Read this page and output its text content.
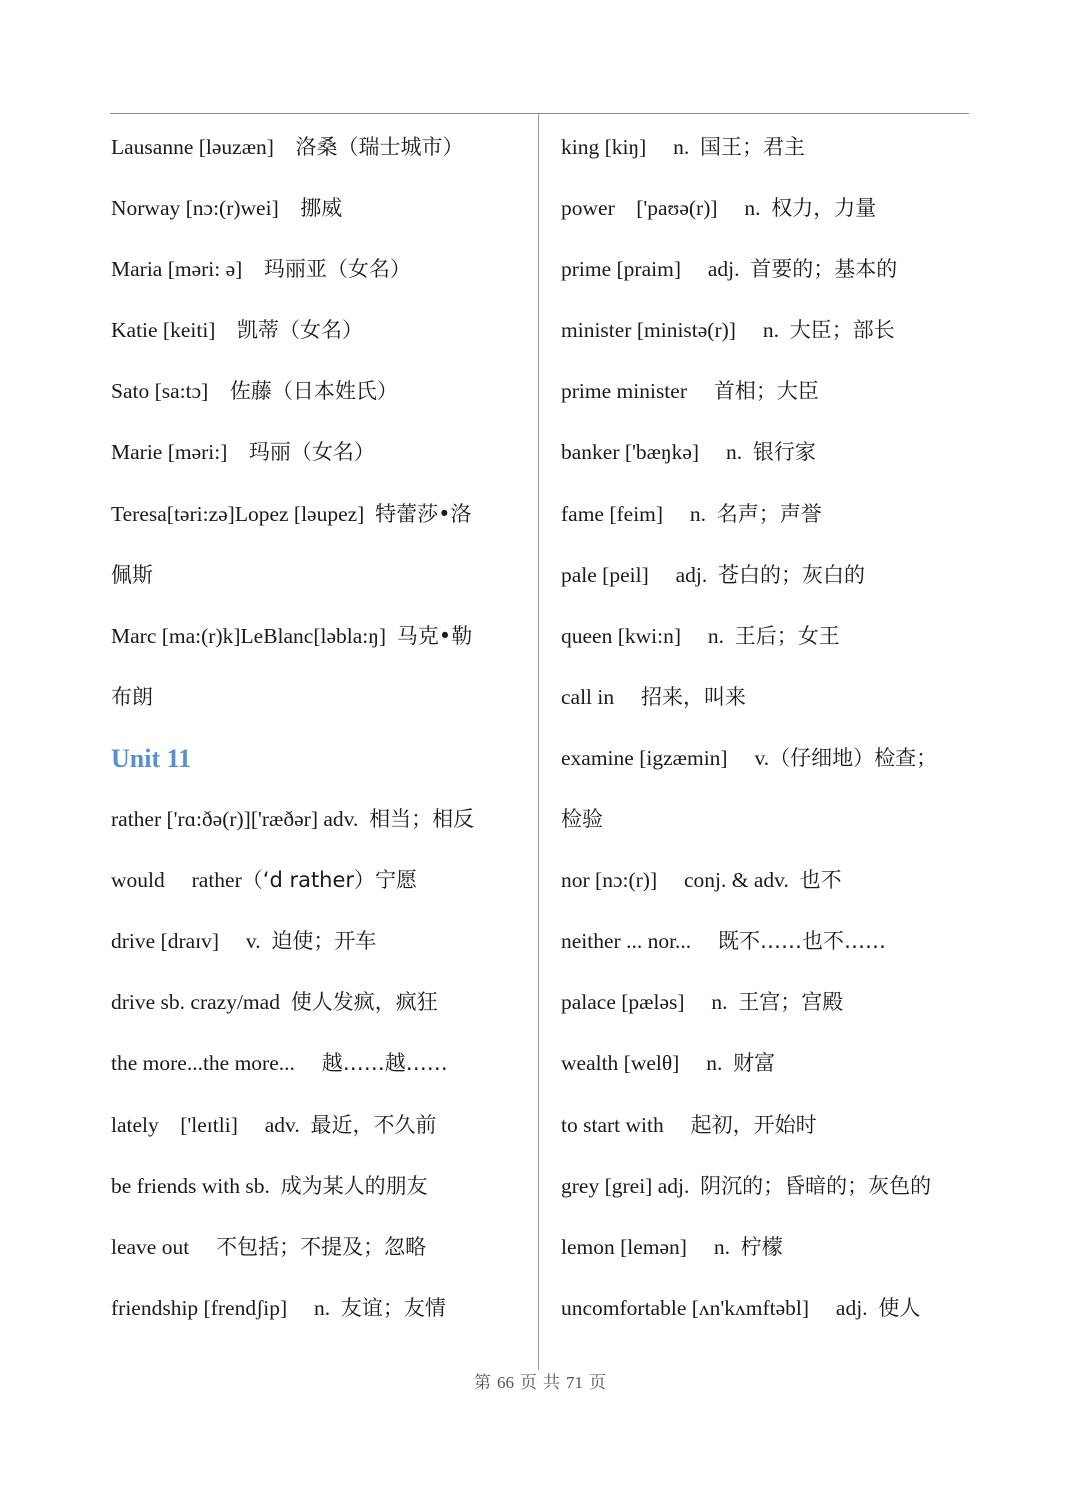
Lausanne [ləuzæn] 洛桑（瑞士城市）
Norway [nɔ:(r)wei] 挪威
Maria [məri: ə] 玛丽亚（女名）
Katie [keiti] 凯蒂（女名）
Sato [sa:tɔ] 佐藤（日本姓氏）
Marie [məri:] 玛丽（女名）
Teresa[təri:zə]Lopez [ləupez] 特蕾莎•洛
佩斯
Marc [ma:(r)k]LeBlanc[ləbla:ŋ] 马克•勒
布朗
Unit 11
rather ['rɑ:ðə(r)]['ræðər] adv. 相当；相反
would  rather（‘d rather）宁愿
drive [draɪv]  v. 迫使；开车
drive sb. crazy/mad 使人发疯，疯狂
the more...the more...  越……越……
lately ['leɪtli]  adv. 最近，不久前
be friends with sb. 成为某人的朋友
leave out  不包括；不提及；忽略
friendship [frendʃip]  n. 友谊；友情
king [kiŋ]  n. 国王；君主
power ['paʊə(r)]  n. 权力，力量
prime [praim]  adj. 首要的；基本的
minister [ministə(r)]  n. 大臣；部长
prime minister  首相；大臣
banker ['bæŋkə]  n. 银行家
fame [feim]  n. 名声；声誉
pale [peil]  adj. 苍白的；灰白的
queen [kwi:n]  n. 王后；女王
call in  招来，叫来
examine [igzæmin]  v.（仔细地）检查；
检验
nor [nɔ:(r)]  conj. & adv. 也不
neither ... nor...  既不……也不……
palace [pæləs]  n. 王宫；宫殿
wealth [welθ]  n. 财富
to start with  起初，开始时
grey [grei] adj. 阴沉的；昏暗的；灰色的
lemon [lemən]  n. 柠檬
uncomfortable [ʌn'kʌmftəbl]  adj. 使人
第 66 页 共 71 页
